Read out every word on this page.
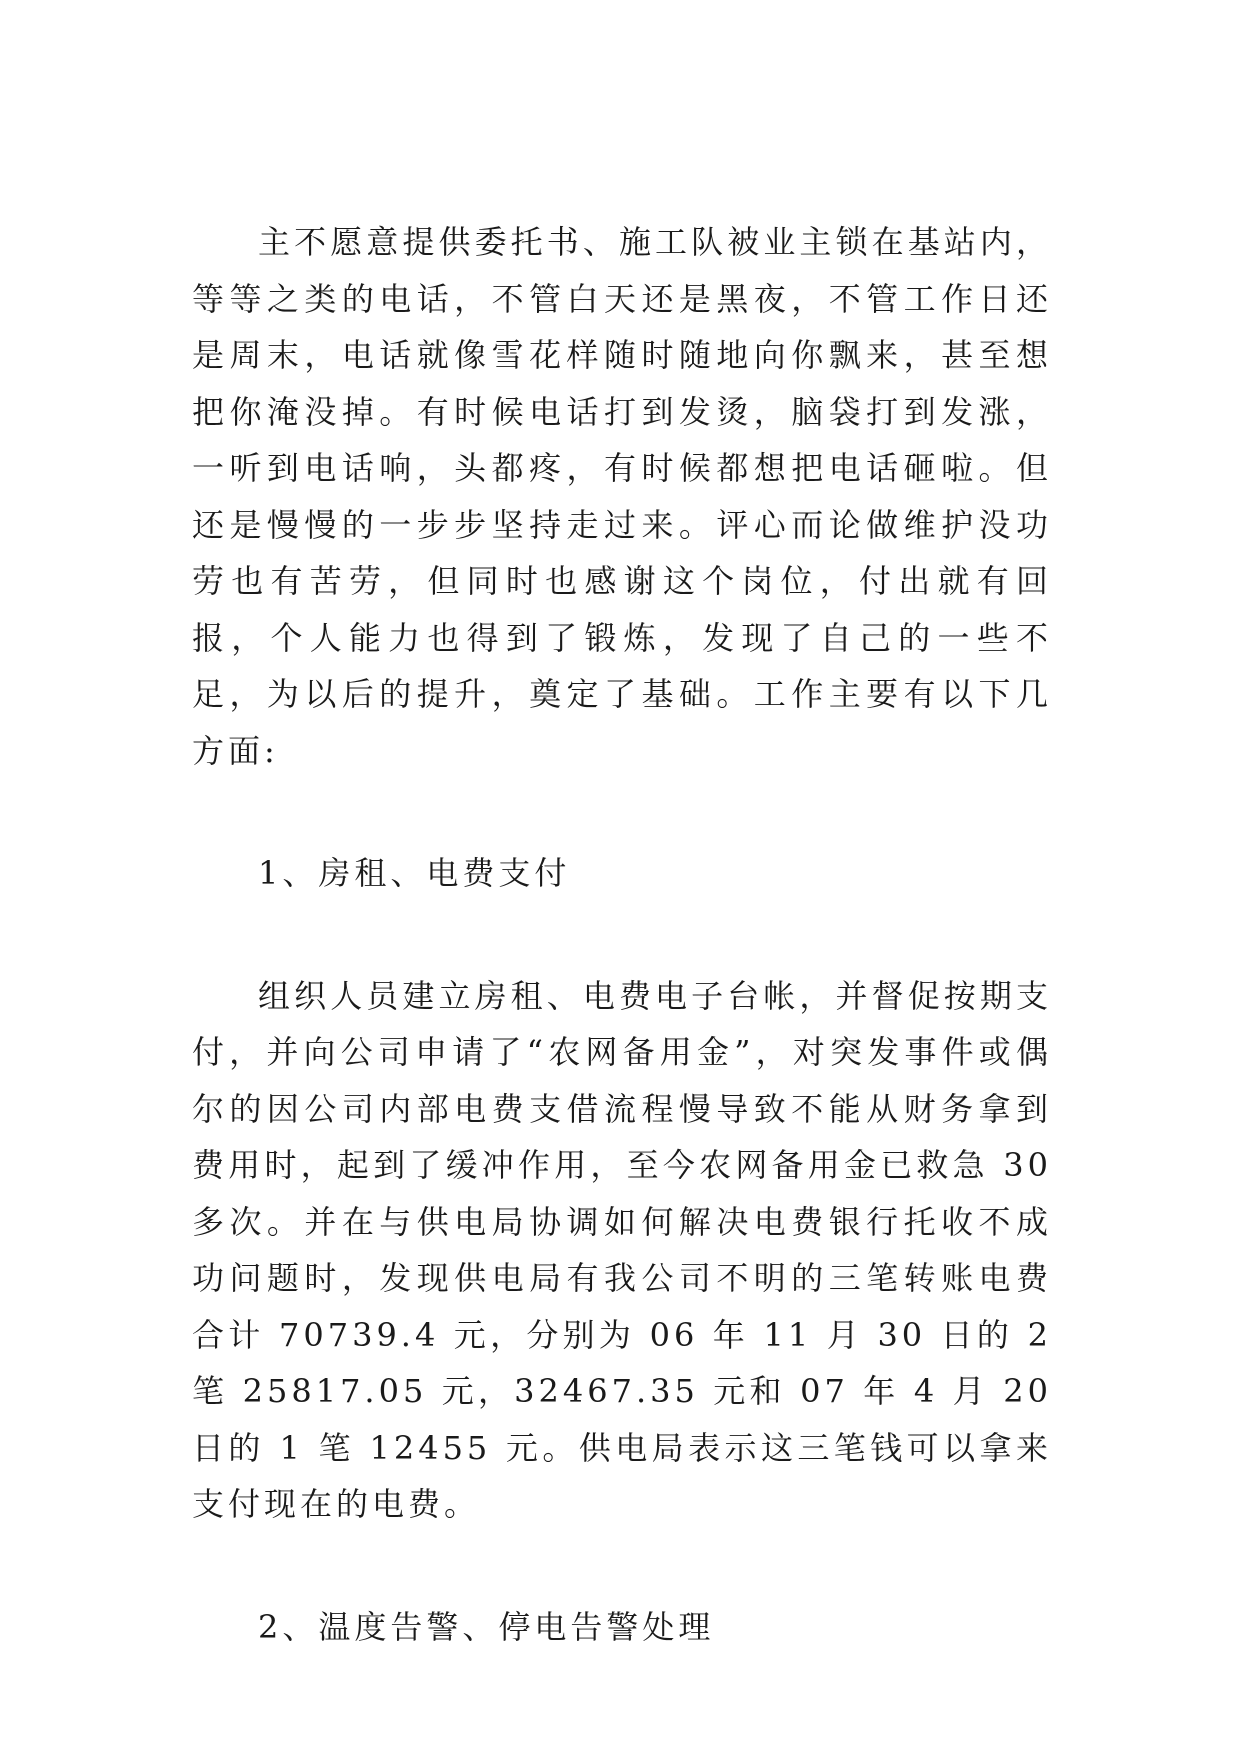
主不愿意提供委托书、施工队被业主锁在基站内，等等之类的电话，不管白天还是黑夜，不管工作日还是周末，电话就像雪花样随时随地向你飘来，甚至想把你淹没掉。有时候电话打到发烫，脑袋打到发涨，一听到电话响，头都疼，有时候都想把电话砸啦。但还是慢慢的一步步坚持走过来。评心而论做维护没功劳也有苦劳，但同时也感谢这个岗位，付出就有回报，个人能力也得到了锻炼，发现了自己的一些不足，为以后的提升，奠定了基础。工作主要有以下几方面:

1、房租、电费支付

组织人员建立房租、电费电子台帐，并督促按期支付，并向公司申请了“农网备用金”，对突发事件或偶尔的因公司内部电费支借流程慢导致不能从财务拿到费用时，起到了缓冲作用，至今农网备用金已救急 30 多次。并在与供电局协调如何解决电费银行托收不成功问题时，发现供电局有我公司不明的三笔转账电费合计 70739.4 元，分别为 06 年 11 月 30 日的 2 笔 25817.05 元，32467.35 元和 07 年 4 月 20 日的 1 笔 12455 元。供电局表示这三笔钱可以拿来支付现在的电费。

2、温度告警、停电告警处理
